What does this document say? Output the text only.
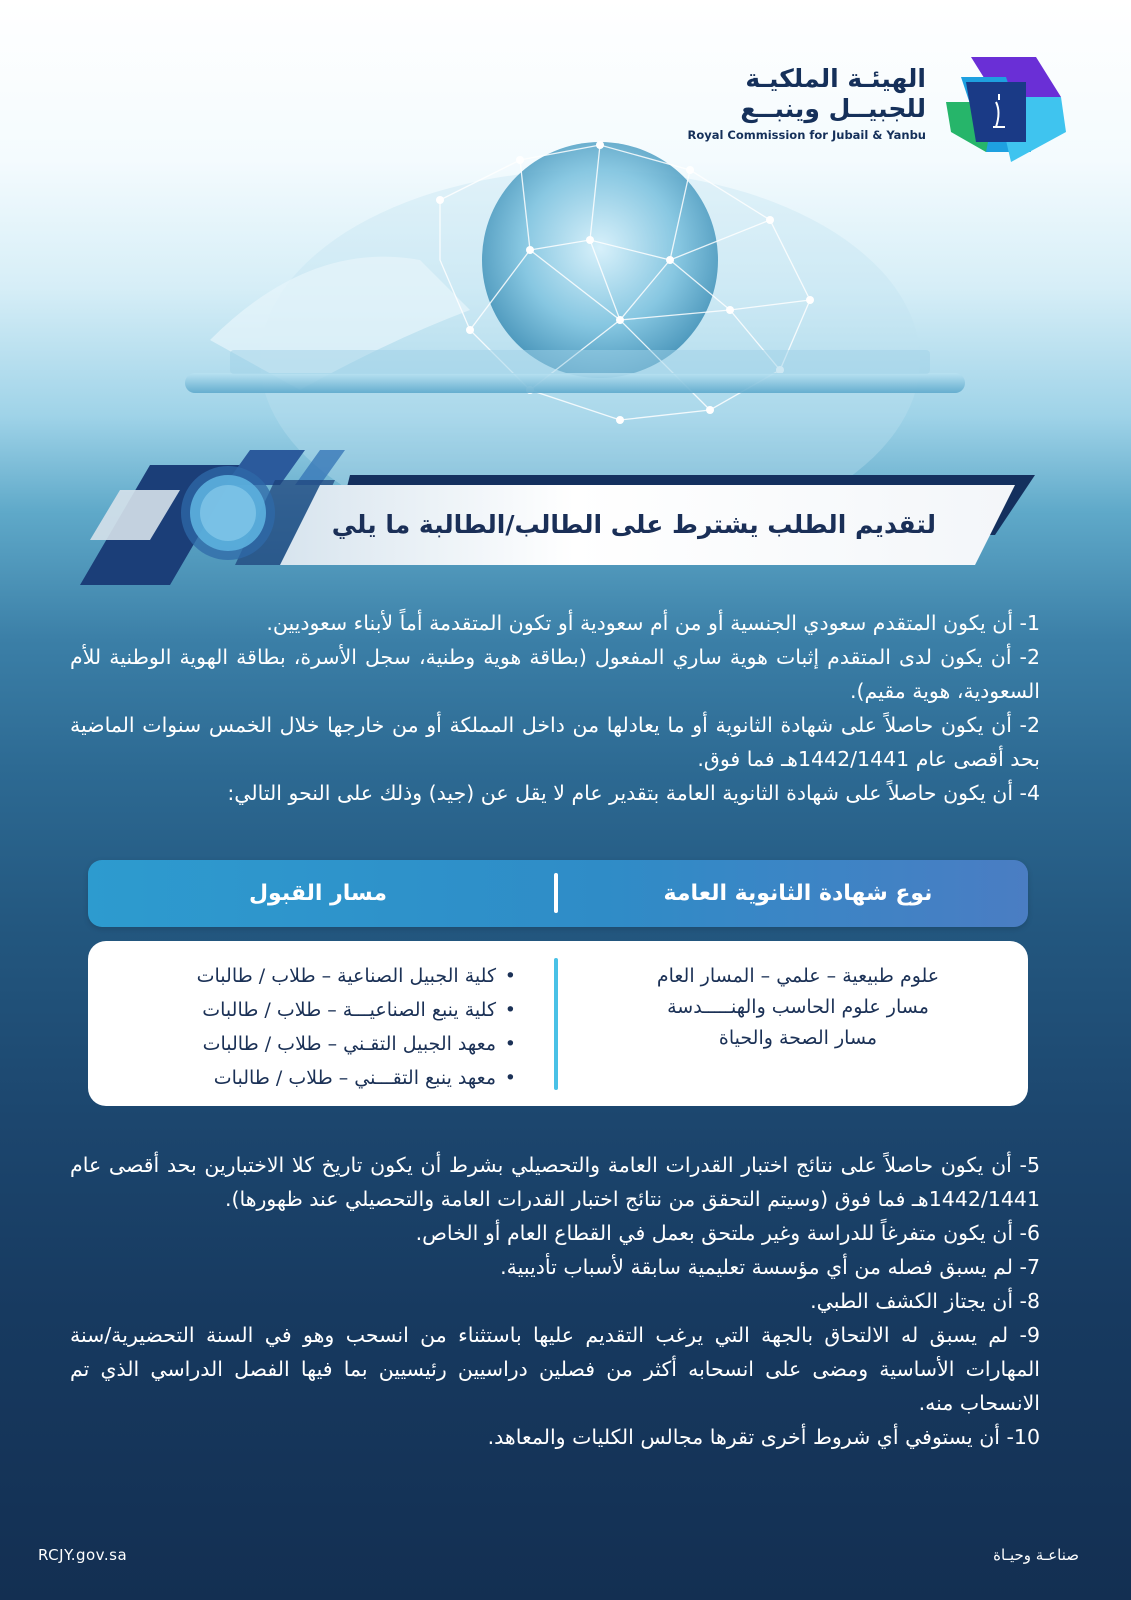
الهيئـة الملكيـة
للجبيــل وينبــع
Royal Commission for Jubail & Yanbu
لتقديم الطلب يشترط على الطالب/الطالبة ما يلي

1- أن يكون المتقدم سعودي الجنسية أو من أم سعودية أو تكون المتقدمة أماً لأبناء سعوديين.

2- أن يكون لدى المتقدم إثبات هوية ساري المفعول (بطاقة هوية وطنية، سجل الأسرة، بطاقة الهوية الوطنية للأم السعودية، هوية مقيم).

2- أن يكون حاصلاً على شهادة الثانوية أو ما يعادلها من داخل المملكة أو من خارجها خلال الخمس سنوات الماضية بحد أقصى عام 1442/1441هـ فما فوق.

4- أن يكون حاصلاً على شهادة الثانوية العامة بتقدير عام لا يقل عن (جيد) وذلك على النحو التالي:

نوع شهادة الثانوية العامة
مسار القبول

علوم طبيعية – علمي – المسار العام

مسار علوم الحاسب والهنـــــدسة

مسار الصحة والحياة

• كلية الجبيل الصناعية – طلاب / طالبات
• كلية ينبع الصناعيـــة – طلاب / طالبات
• معهد الجبيل التقـني – طلاب / طالبات
• معهد ينبع التقـــني – طلاب / طالبات

5- أن يكون حاصلاً على نتائج اختبار القدرات العامة والتحصيلي بشرط أن يكون تاريخ كلا الاختبارين بحد أقصى عام 1442/1441هـ فما فوق (وسيتم التحقق من نتائج اختبار القدرات العامة والتحصيلي عند ظهورها).

6- أن يكون متفرغاً للدراسة وغير ملتحق بعمل في القطاع العام أو الخاص.

7- لم يسبق فصله من أي مؤسسة تعليمية سابقة لأسباب تأديبية.

8- أن يجتاز الكشف الطبي.

9- لم يسبق له الالتحاق بالجهة التي يرغب التقديم عليها باستثناء من انسحب وهو في السنة التحضيرية/سنة المهارات الأساسية ومضى على انسحابه أكثر من فصلين دراسيين رئيسيين بما فيها الفصل الدراسي الذي تم الانسحاب منه.

10- أن يستوفي أي شروط أخرى تقرها مجالس الكليات والمعاهد.

RCJY.gov.sa	صناعـة وحيـاة
